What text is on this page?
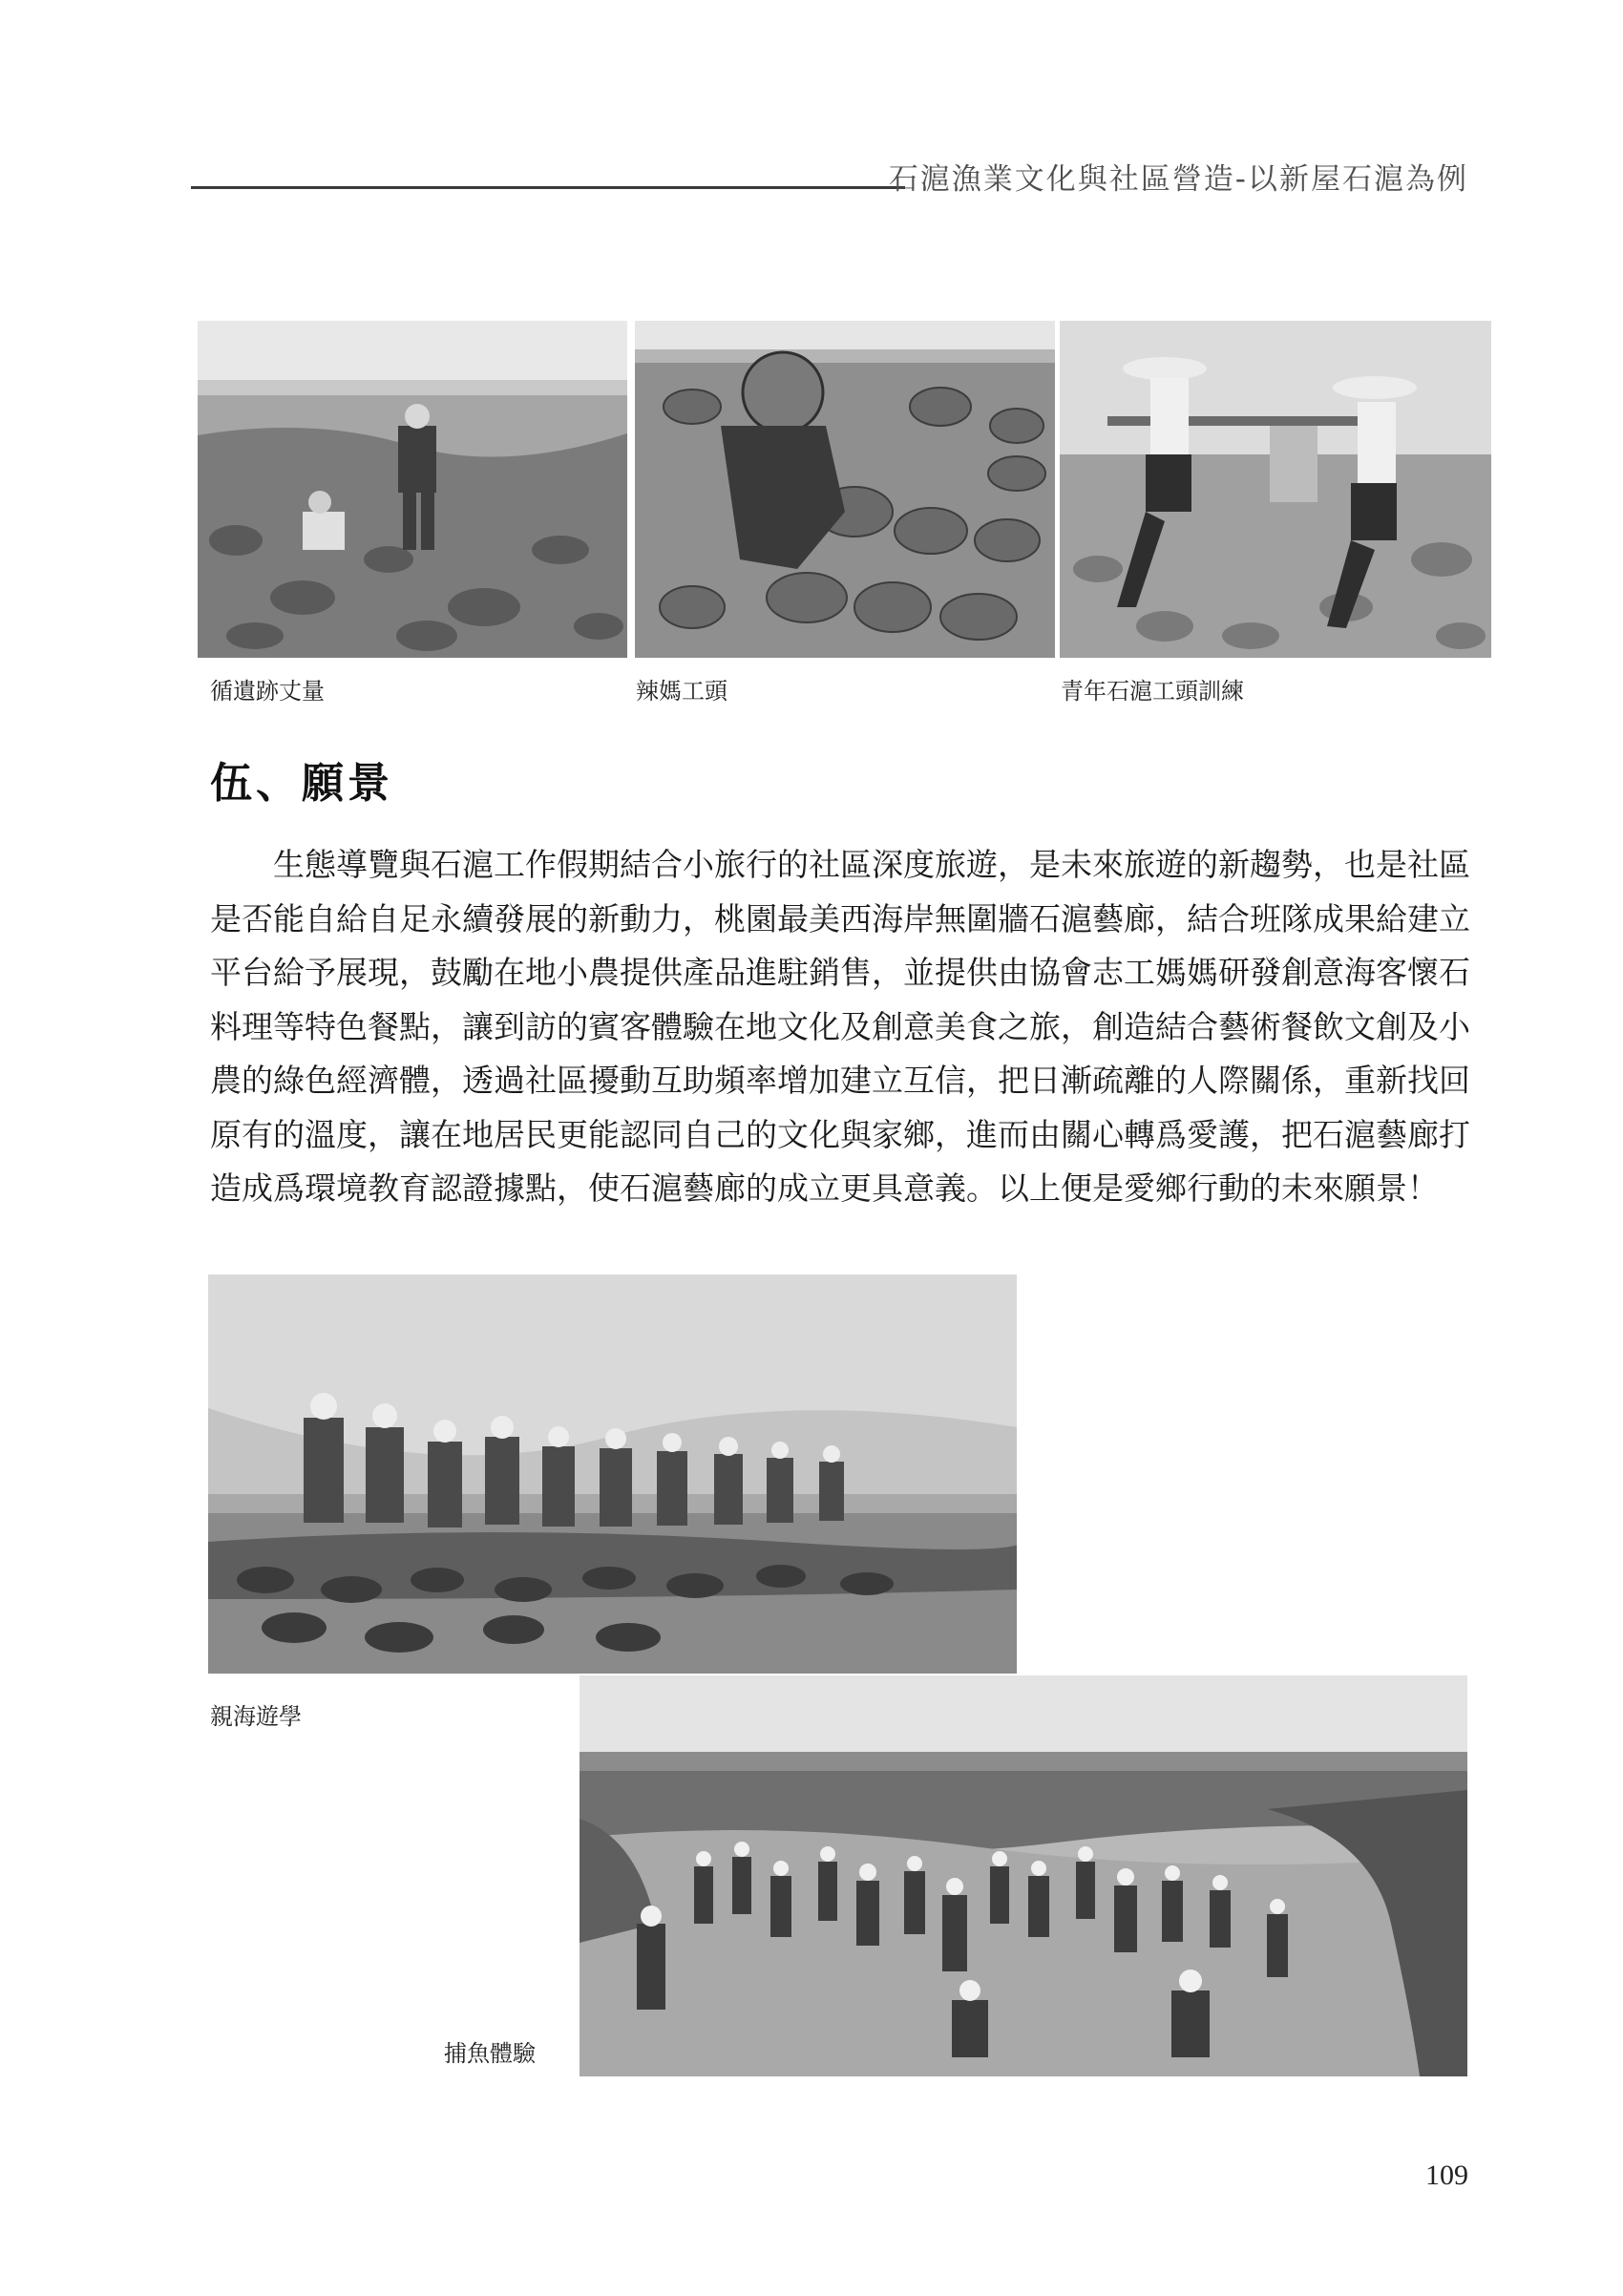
石滬漁業文化與社區營造-以新屋石滬為例
循遺跡丈量	辣媽工頭	青年石滬工頭訓練
伍、願景

生態導覽與石滬工作假期結合小旅行的社區深度旅遊，是未來旅遊的新趨勢，也是社區是否能自給自足永續發展的新動力，桃園最美西海岸無圍牆石滬藝廊，結合班隊成果給建立平台給予展現，鼓勵在地小農提供產品進駐銷售，並提供由協會志工媽媽研發創意海客懷石料理等特色餐點，讓到訪的賓客體驗在地文化及創意美食之旅，創造結合藝術餐飲文創及小農的綠色經濟體，透過社區擾動互助頻率增加建立互信，把日漸疏離的人際關係，重新找回原有的溫度，讓在地居民更能認同自己的文化與家鄉，進而由關心轉爲愛護，把石滬藝廊打造成爲環境教育認證據點，使石滬藝廊的成立更具意義。以上便是愛鄉行動的未來願景！

親海遊學
捕魚體驗
109
